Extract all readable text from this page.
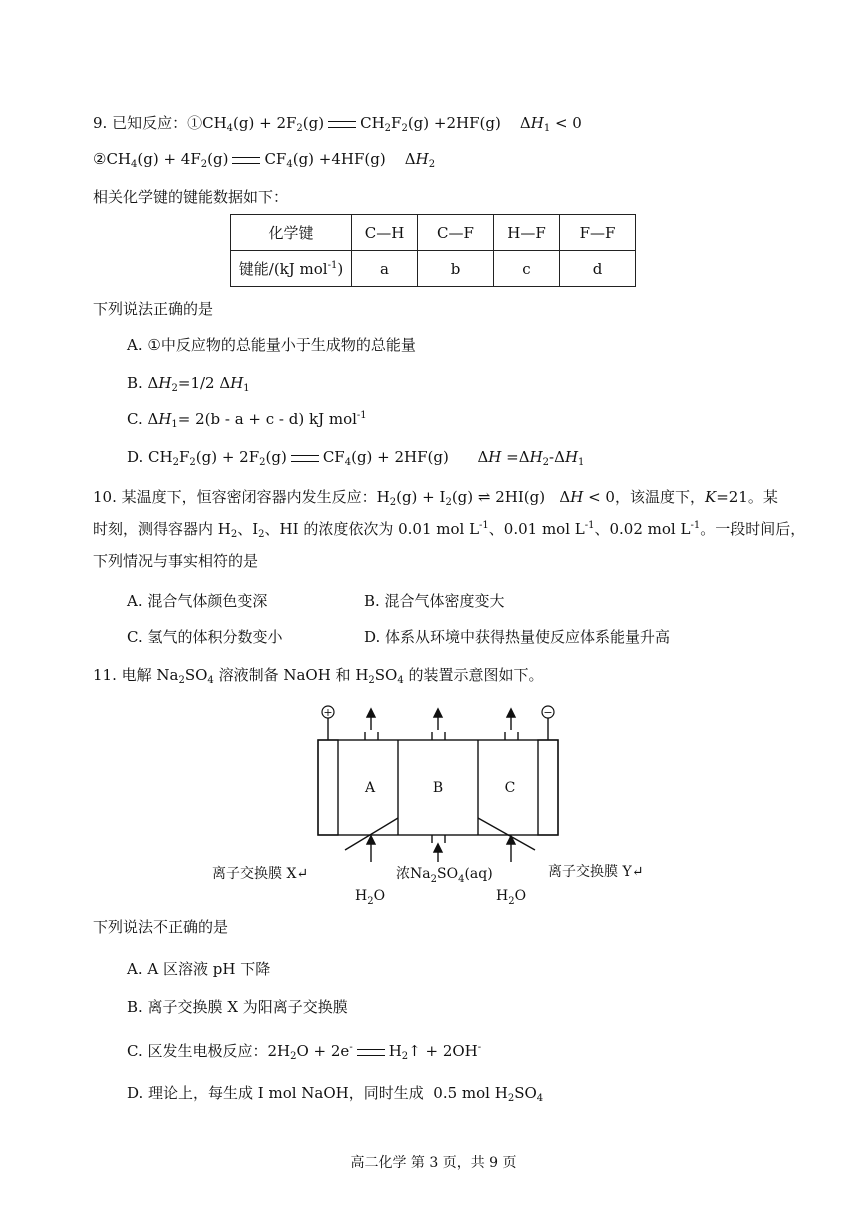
9. 已知反应：$①CH_4(g) + 2F_2(g)$ $CH_2F_2(g) +2HF(g) \Delta H_1 < 0$
$②CH_4(g) + 4F_2(g)$ $CF_4(g) +4HF(g)$ $\Delta H_2$
相关化学键的键能数据如下：
化学键	C—H	C—F	H—F	F—F
键能/(kJ mol$^{-1}$)	a	b	c	d
下列说法正确的是
A. ①中反应物的总能量小于生成物的总能量
B. $\Delta H_2=1/2$ $\Delta H_1$
C. $\Delta H_1= 2(b - a + c - d)$ kJ mol$^{-1}$
D. $CH_2F_2(g) + 2F_2(g) CF_4(g) + 2HF(g)$      $\Delta H =\Delta H_2-\Delta H_1$
10. 某温度下，恒容密闭容器内发生反应：$H_2(g) + I_2(g)$ ⇌ 2HI(g)   ΔH < 0，该温度下，K=21。某
时刻，测得容器内 $H_2$、$I_2$、HI 的浓度依次为 0.01 mol $L^{-1}$、0.01 mol $L^{-1}$、0.02 mol $L^{-1}$。一段时间后，
下列情况与事实相符的是
A. 混合气体颜色变深	B. 混合气体密度变大
C. 氢气的体积分数变小	D. 体系从环境中获得热量使反应体系能量升高
11. 电解 $Na_2SO_4$ 溶液制备 NaOH 和 $H_2SO_4$ 的装置示意图如下。
+	−
A	B	C
离子交换膜 X↵	离子交换膜 Y↵
浓$Na_2SO_4(aq)$
$H_2O$	$H_2O$
下列说法不正确的是
A. A 区溶液 pH 下降
B. 离子交换膜 X 为阳离子交换膜
C. 区发生电极反应：$2H_2O + 2e^-$ $H_2↑ + 2OH^-$
D. 理论上，每生成 I mol NaOH，同时生成  0.5 mol $H_2SO_4$
高二化学 第 3 页，共 9 页
